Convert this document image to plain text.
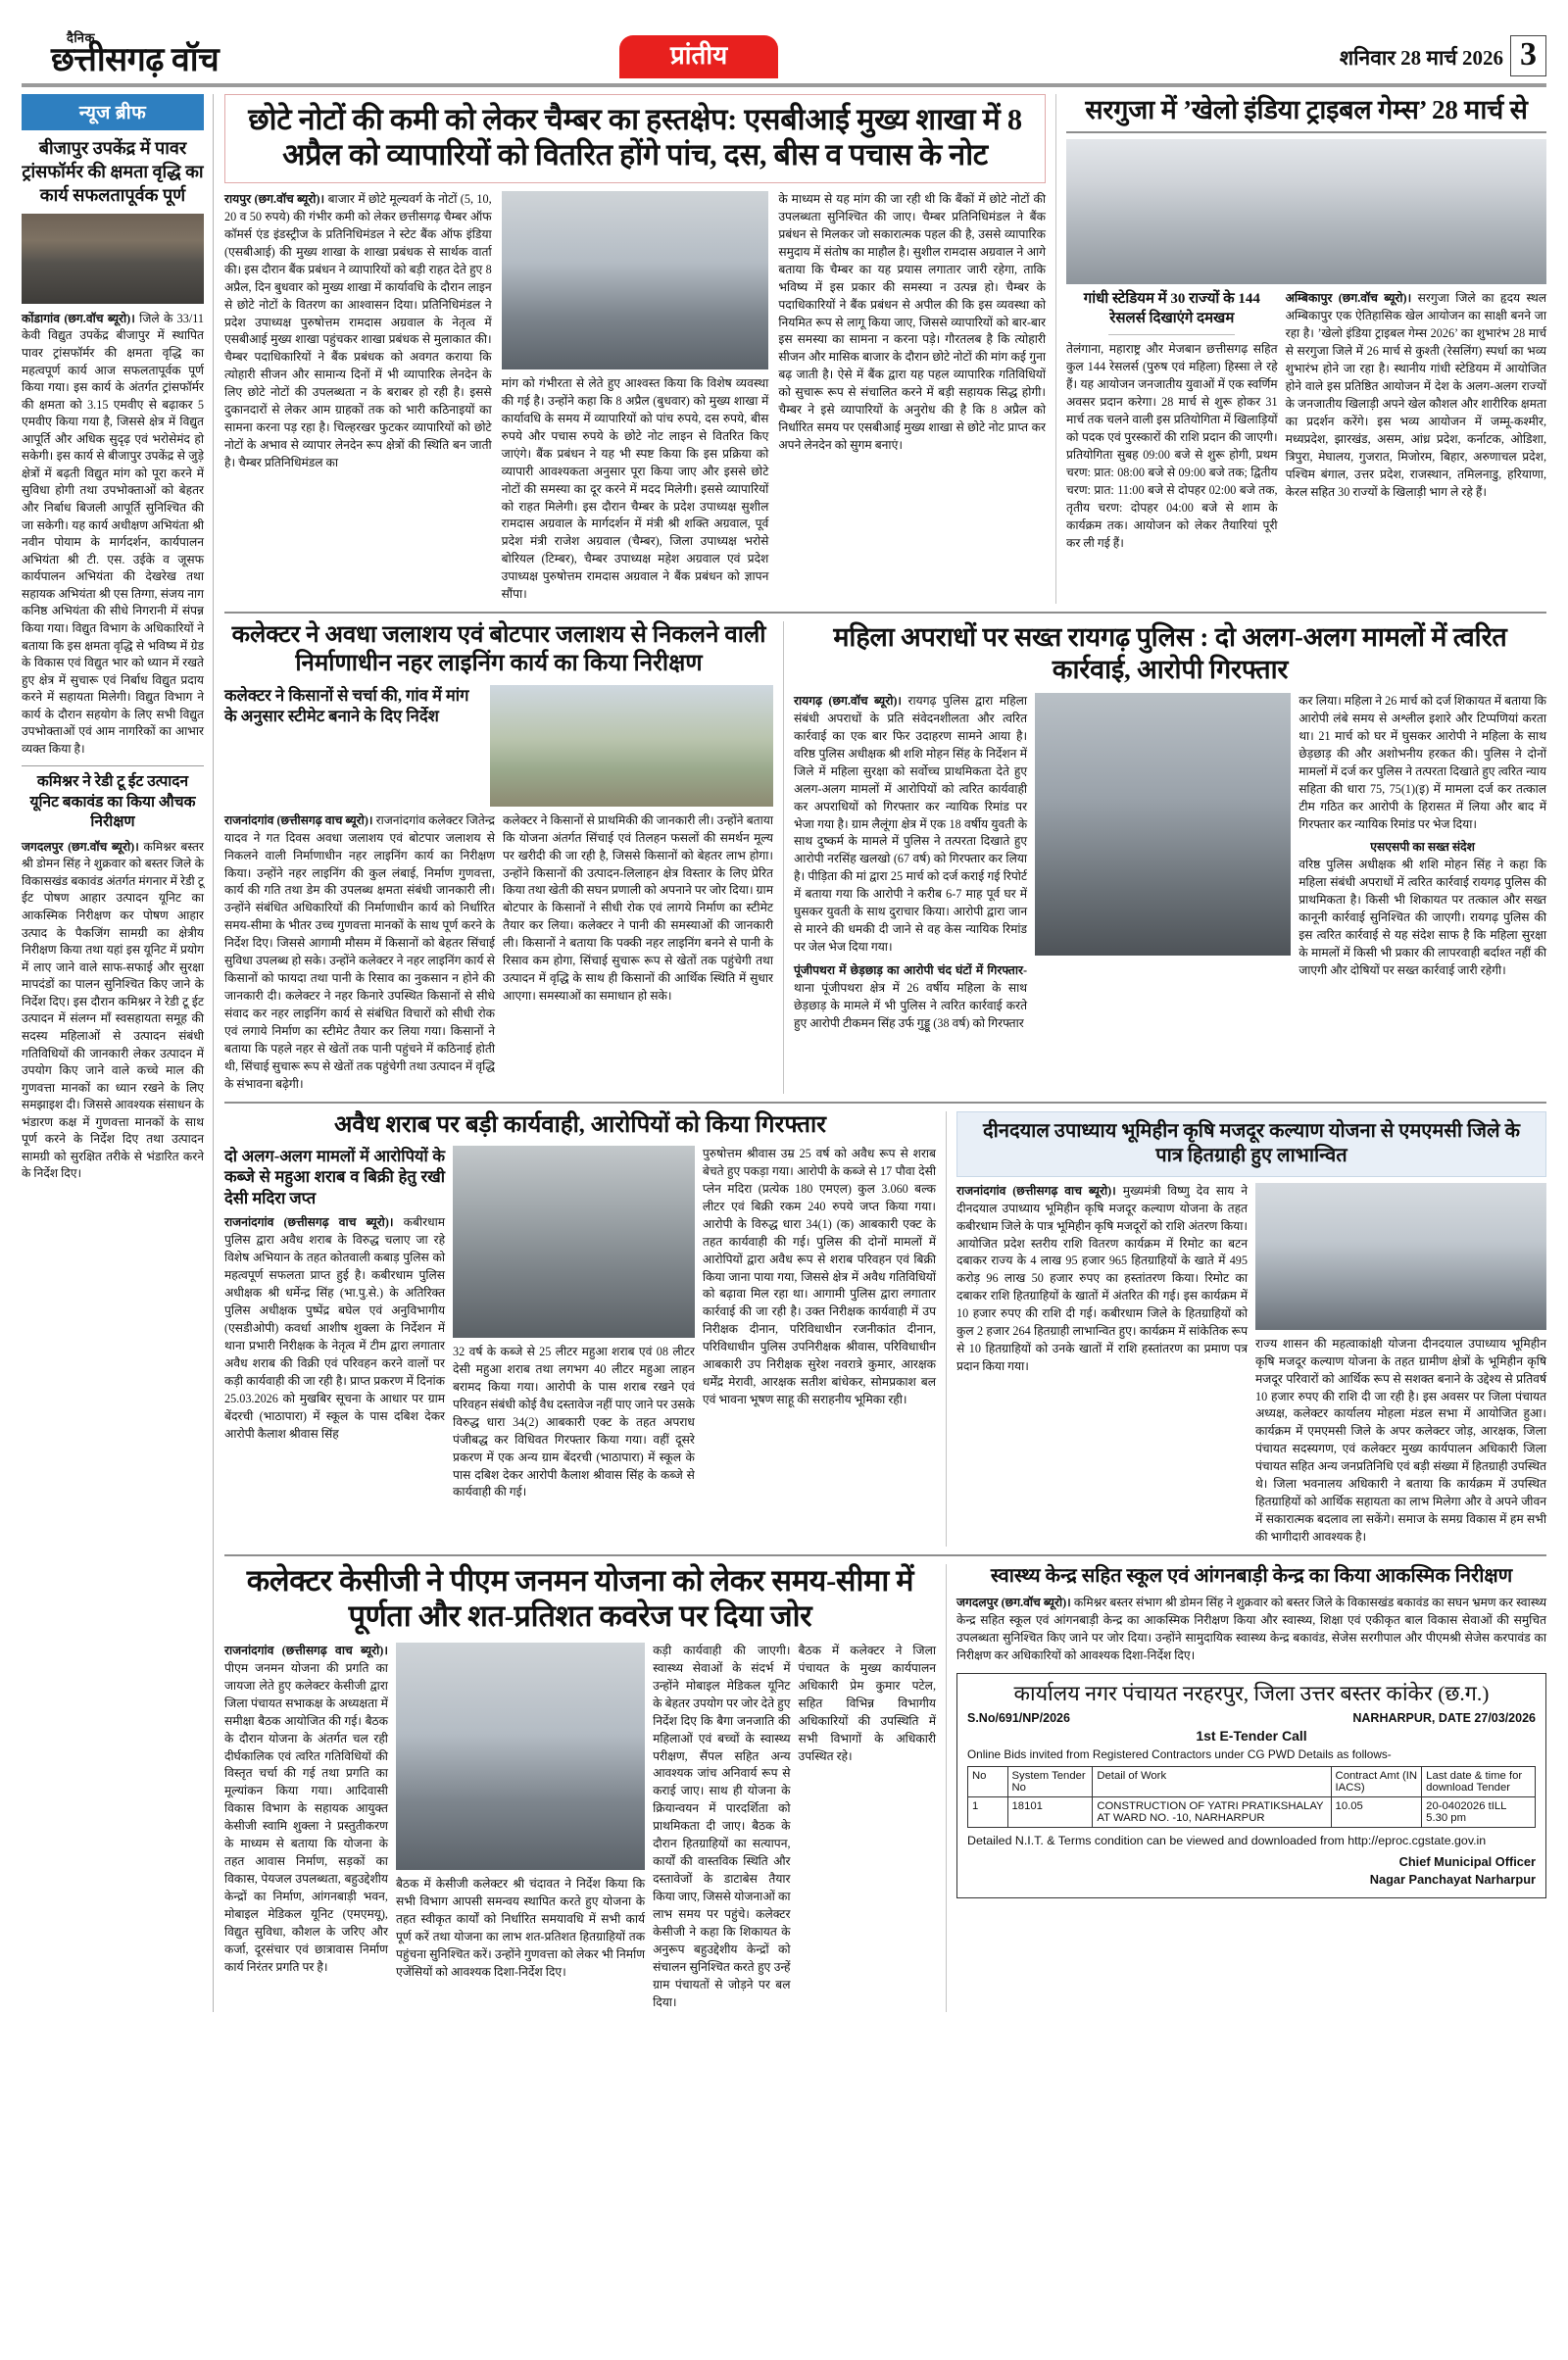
दैनिक
छत्तीसगढ़ वॉच	प्रांतीय	शनिवार 28 मार्च 2026 3
न्यूज ब्रीफ
बीजापुर उपकेंद्र में पावर ट्रांसफॉर्मर की क्षमता वृद्धि का कार्य सफलतापूर्वक पूर्ण
कोंडागांव (छग.वॉच ब्यूरो)। जिले के 33/11 केवी विद्युत उपकेंद्र बीजापुर में स्थापित पावर ट्रांसफॉर्मर की क्षमता वृद्धि का महत्वपूर्ण कार्य आज सफलतापूर्वक पूर्ण किया गया। इस कार्य के अंतर्गत ट्रांसफॉर्मर की क्षमता को 3.15 एमवीए से बढ़ाकर 5 एमवीए किया गया है, जिससे क्षेत्र में विद्युत आपूर्ति और अधिक सुदृढ़ एवं भरोसेमंद हो सकेगी। इस कार्य से बीजापुर उपकेंद्र से जुड़े क्षेत्रों में बढ़ती विद्युत मांग को पूरा करने में सुविधा होगी तथा उपभोक्ताओं को बेहतर और निर्बाध बिजली आपूर्ति सुनिश्चित की जा सकेगी। यह कार्य अधीक्षण अभियंता श्री नवीन पोयाम के मार्गदर्शन, कार्यपालन अभियंता श्री टी. एस. उईके व जूसफ कार्यपालन अभियंता की देखरेख तथा सहायक अभियंता श्री एस तिग्गा, संजय नाग कनिष्ठ अभियंता की सीधे निगरानी में संपन्न किया गया। विद्युत विभाग के अधिकारियों ने बताया कि इस क्षमता वृद्धि से भविष्य में ग्रेड के विकास एवं विद्युत भार को ध्यान में रखते हुए क्षेत्र में सुचारू एवं निर्बाध विद्युत प्रदाय करने में सहायता मिलेगी। विद्युत विभाग ने कार्य के दौरान सहयोग के लिए सभी विद्युत उपभोक्ताओं एवं आम नागरिकों का आभार व्यक्त किया है।
कमिश्नर ने रेडी टू ईट उत्पादन यूनिट बकावंड का किया औचक निरीक्षण
जगदलपुर (छग.वॉच ब्यूरो)। कमिश्नर बस्तर श्री डोमन सिंह ने शुक्रवार को बस्तर जिले के विकासखंड बकावंड अंतर्गत मंगनार में रेडी टू ईट पोषण आहार उत्पादन यूनिट का आकस्मिक निरीक्षण कर पोषण आहार उत्पाद के पैकजिंग सामग्री का क्षेत्रीय निरीक्षण किया तथा यहां इस यूनिट में प्रयोग में लाए जाने वाले साफ-सफाई और सुरक्षा मापदंडों का पालन सुनिश्चित किए जाने के निर्देश दिए। इस दौरान कमिश्नर ने रेडी टू ईट उत्पादन में संलग्न माँ स्वसहायता समूह की सदस्य महिलाओं से उत्पादन संबंधी गतिविधियों की जानकारी लेकर उत्पादन में उपयोग किए जाने वाले कच्चे माल की गुणवत्ता मानकों का ध्यान रखने के लिए समझाइश दी। जिससे आवश्यक संसाधन के भंडारण कक्ष में गुणवत्ता मानकों के साथ पूर्ण करने के निर्देश दिए तथा उत्पादन सामग्री को सुरक्षित तरीके से भंडारित करने के निर्देश दिए।
छोटे नोटों की कमी को लेकर चैम्बर का हस्तक्षेप: एसबीआई मुख्य शाखा में 8 अप्रैल को व्यापारियों को वितरित होंगे पांच, दस, बीस व पचास के नोट
रायपुर (छग.वॉच ब्यूरो)। बाजार में छोटे मूल्यवर्ग के नोटों (5, 10, 20 व 50 रुपये) की गंभीर कमी को लेकर छत्तीसगढ़ चैम्बर ऑफ कॉमर्स एंड इंडस्ट्रीज के प्रतिनिधिमंडल ने स्टेट बैंक ऑफ इंडिया (एसबीआई) की मुख्य शाखा के शाखा प्रबंधक से सार्थक वार्ता की। इस दौरान बैंक प्रबंधन ने व्यापारियों को बड़ी राहत देते हुए 8 अप्रैल, दिन बुधवार को मुख्य शाखा में कार्यावधि के दौरान लाइन से छोटे नोटों के वितरण का आश्वासन दिया। प्रतिनिधिमंडल ने प्रदेश उपाध्यक्ष पुरुषोत्तम रामदास अग्रवाल के नेतृत्व में एसबीआई मुख्य शाखा पहुंचकर शाखा प्रबंधक से मुलाकात की। चैम्बर पदाधिकारियों ने बैंक प्रबंधक को अवगत कराया कि त्योहारी सीजन और सामान्य दिनों में भी व्यापारिक लेनदेन के लिए छोटे नोटों की उपलब्धता न के बराबर हो रही है। इससे दुकानदारों से लेकर आम ग्राहकों तक को भारी कठिनाइयों का सामना करना पड़ रहा है। चिल्हरखर फुटकर व्यापारियों को छोटे नोटों के अभाव से व्यापार लेनदेन रूप क्षेत्रों की स्थिति बन जाती है। चैम्बर प्रतिनिधिमंडल का
मांग को गंभीरता से लेते हुए आश्वस्त किया कि विशेष व्यवस्था की गई है। उन्होंने कहा कि 8 अप्रैल (बुधवार) को मुख्य शाखा में कार्यावधि के समय में व्यापारियों को पांच रुपये, दस रुपये, बीस रुपये और पचास रुपये के छोटे नोट लाइन से वितरित किए जाएंगे। बैंक प्रबंधन ने यह भी स्पष्ट किया कि इस प्रक्रिया को व्यापारी आवश्यकता अनुसार पूरा किया जाए और इससे छोटे नोटों की समस्या का दूर करने में मदद मिलेगी। इससे व्यापारियों को राहत मिलेगी। इस दौरान चैम्बर के प्रदेश उपाध्यक्ष सुशील रामदास अग्रवाल के मार्गदर्शन में मंत्री श्री शक्ति अग्रवाल, पूर्व प्रदेश मंत्री राजेश अग्रवाल (चैम्बर), जिला उपाध्यक्ष भरोसे बोरियल (टिम्बर), चैम्बर उपाध्यक्ष महेश अग्रवाल एवं प्रदेश उपाध्यक्ष पुरुषोत्तम रामदास अग्रवाल ने बैंक प्रबंधन को ज्ञापन सौंपा।
के माध्यम से यह मांग की जा रही थी कि बैंकों में छोटे नोटों की उपलब्धता सुनिश्चित की जाए। चैम्बर प्रतिनिधिमंडल ने बैंक प्रबंधन से मिलकर जो सकारात्मक पहल की है, उससे व्यापारिक समुदाय में संतोष का माहौल है। सुशील रामदास अग्रवाल ने आगे बताया कि चैम्बर का यह प्रयास लगातार जारी रहेगा, ताकि भविष्य में इस प्रकार की समस्या न उत्पन्न हो। चैम्बर के पदाधिकारियों ने बैंक प्रबंधन से अपील की कि इस व्यवस्था को नियमित रूप से लागू किया जाए, जिससे व्यापारियों को बार-बार इस समस्या का सामना न करना पड़े। गौरतलब है कि त्योहारी सीजन और मासिक बाजार के दौरान छोटे नोटों की मांग कई गुना बढ़ जाती है। ऐसे में बैंक द्वारा यह पहल व्यापारिक गतिविधियों को सुचारू रूप से संचालित करने में बड़ी सहायक सिद्ध होगी। चैम्बर ने इसे व्यापारियों के अनुरोध की है कि 8 अप्रैल को निर्धारित समय पर एसबीआई मुख्य शाखा से छोटे नोट प्राप्त कर अपने लेनदेन को सुगम बनाएं।
सरगुजा में ’खेलो इंडिया ट्राइबल गेम्स’ 28 मार्च से
गांधी स्टेडियम में 30 राज्यों के 144 रेसलर्स दिखाएंगे दमखम
तेलंगाना, महाराष्ट्र और मेजबान छत्तीसगढ़ सहित कुल 144 रेसलर्स (पुरुष एवं महिला) हिस्सा ले रहे हैं। यह आयोजन जनजातीय युवाओं में एक स्वर्णिम अवसर प्रदान करेगा। 28 मार्च से शुरू होकर 31 मार्च तक चलने वाली इस प्रतियोगिता में खिलाड़ियों को पदक एवं पुरस्कारों की राशि प्रदान की जाएगी। प्रतियोगिता सुबह 09:00 बजे से शुरू होगी, प्रथम चरण: प्रात: 08:00 बजे से 09:00 बजे तक; द्वितीय चरण: प्रात: 11:00 बजे से दोपहर 02:00 बजे तक, तृतीय चरण: दोपहर 04:00 बजे से शाम के कार्यक्रम तक। आयोजन को लेकर तैयारियां पूरी कर ली गई हैं।
अम्बिकापुर (छग.वॉच ब्यूरो)। सरगुजा जिले का हृदय स्थल अम्बिकापुर एक ऐतिहासिक खेल आयोजन का साक्षी बनने जा रहा है। ’खेलो इंडिया ट्राइबल गेम्स 2026’ का शुभारंभ 28 मार्च से सरगुजा जिले में 26 मार्च से कुश्ती (रेसलिंग) स्पर्धा का भव्य शुभारंभ होने जा रहा है। स्थानीय गांधी स्टेडियम में आयोजित होने वाले इस प्रतिष्ठित आयोजन में देश के अलग-अलग राज्यों के जनजातीय खिलाड़ी अपने खेल कौशल और शारीरिक क्षमता का प्रदर्शन करेंगे। इस भव्य आयोजन में जम्मू-कश्मीर, मध्यप्रदेश, झारखंड, असम, आंध्र प्रदेश, कर्नाटक, ओडिशा, त्रिपुरा, मेघालय, गुजरात, मिजोरम, बिहार, अरुणाचल प्रदेश, पश्चिम बंगाल, उत्तर प्रदेश, राजस्थान, तमिलनाडु, हरियाणा, केरल सहित 30 राज्यों के खिलाड़ी भाग ले रहे हैं।
कलेक्टर ने अवधा जलाशय एवं बोटपार जलाशय से निकलने वाली निर्माणाधीन नहर लाइनिंग कार्य का किया निरीक्षण
कलेक्टर ने किसानों से चर्चा की, गांव में मांग के अनुसार स्टीमेट बनाने के दिए निर्देश
राजनांदगांव (छत्तीसगढ़ वाच ब्यूरो)। राजनांदगांव कलेक्टर जितेन्द्र यादव ने गत दिवस अवधा जलाशय एवं बोटपार जलाशय से निकलने वाली निर्माणाधीन नहर लाइनिंग कार्य का निरीक्षण किया। उन्होंने नहर लाइनिंग की कुल लंबाई, निर्माण गुणवत्ता, कार्य की गति तथा डेम की उपलब्ध क्षमता संबंधी जानकारी ली। उन्होंने संबंधित अधिकारियों की निर्माणाधीन कार्य को निर्धारित समय-सीमा के भीतर उच्च गुणवत्ता मानकों के साथ पूर्ण करने के निर्देश दिए। जिससे आगामी मौसम में किसानों को बेहतर सिंचाई सुविधा उपलब्ध हो सके। उन्होंने कलेक्टर ने नहर लाइनिंग कार्य से किसानों को फायदा तथा पानी के रिसाव का नुकसान न होने की जानकारी दी। कलेक्टर ने नहर किनारे उपस्थित किसानों से सीधे संवाद कर नहर लाइनिंग कार्य से संबंधित विचारों को सीधी रोक एवं लगाये निर्माण का स्टीमेट तैयार कर लिया गया। किसानों ने बताया कि पहले नहर से खेतों तक पानी पहुंचने में कठिनाई होती थी, सिंचाई सुचारू रूप से खेतों तक पहुंचेगी तथा उत्पादन में वृद्धि के संभावना बढ़ेगी।
कलेक्टर ने किसानों से प्राथमिकी की जानकारी ली। उन्होंने बताया कि योजना अंतर्गत सिंचाई एवं तिलहन फसलों की समर्थन मूल्य पर खरीदी की जा रही है, जिससे किसानों को बेहतर लाभ होगा। उन्होंने किसानों की उत्पादन-लिलाहन क्षेत्र विस्तार के लिए प्रेरित किया तथा खेती की सघन प्रणाली को अपनाने पर जोर दिया। ग्राम बोटपार के किसानों ने सीधी रोक एवं लागये निर्माण का स्टीमेट तैयार कर लिया। कलेक्टर ने पानी की समस्याओं की जानकारी ली। किसानों ने बताया कि पक्की नहर लाइनिंग बनने से पानी के रिसाव कम होगा, सिंचाई सुचारू रूप से खेतों तक पहुंचेगी तथा उत्पादन में वृद्धि के साथ ही किसानों की आर्थिक स्थिति में सुधार आएगा। समस्याओं का समाधान हो सके।
महिला अपराधों पर सख्त रायगढ़ पुलिस : दो अलग-अलग मामलों में त्वरित कार्रवाई, आरोपी गिरफ्तार
रायगढ़ (छग.वॉच ब्यूरो)। रायगढ़ पुलिस द्वारा महिला संबंधी अपराधों के प्रति संवेदनशीलता और त्वरित कार्रवाई का एक बार फिर उदाहरण सामने आया है। वरिष्ठ पुलिस अधीक्षक श्री शशि मोहन सिंह के निर्देशन में जिले में महिला सुरक्षा को सर्वोच्च प्राथमिकता देते हुए अलग-अलग मामलों में आरोपियों को त्वरित कार्यवाही कर अपराधियों को गिरफ्तार कर न्यायिक रिमांड पर भेजा गया है। ग्राम लैलूंगा क्षेत्र में एक 18 वर्षीय युवती के साथ दुष्कर्म के मामले में पुलिस ने तत्परता दिखाते हुए आरोपी नरसिंह खलखो (67 वर्ष) को गिरफ्तार कर लिया है। पीड़िता की मां द्वारा 25 मार्च को दर्ज कराई गई रिपोर्ट में बताया गया कि आरोपी ने करीब 6-7 माह पूर्व घर में घुसकर युवती के साथ दुराचार किया। आरोपी द्वारा जान से मारने की धमकी दी जाने से वह केस न्यायिक रिमांड पर जेल भेज दिया गया।
पूंजीपथरा में छेड़छाड़ का आरोपी चंद घंटों में गिरफ्तार- थाना पूंजीपथरा क्षेत्र में 26 वर्षीय महिला के साथ छेड़छाड़ के मामले में भी पुलिस ने त्वरित कार्रवाई करते हुए आरोपी टीकमन सिंह उर्फ गुड्डू (38 वर्ष) को गिरफ्तार
कर लिया। महिला ने 26 मार्च को दर्ज शिकायत में बताया कि आरोपी लंबे समय से अश्लील इशारे और टिप्पणियां करता था। 21 मार्च को घर में घुसकर आरोपी ने महिला के साथ छेड़छाड़ की और अशोभनीय हरकत की। पुलिस ने दोनों मामलों में दर्ज कर पुलिस ने तत्परता दिखाते हुए त्वरित न्याय सहिता की धारा 75, 75(1)(इ) में मामला दर्ज कर तत्काल टीम गठित कर आरोपी के हिरासत में लिया और बाद में गिरफ्तार कर न्यायिक रिमांड पर भेज दिया।
एसएसपी का सख्त संदेश
वरिष्ठ पुलिस अधीक्षक श्री शशि मोहन सिंह ने कहा कि महिला संबंधी अपराधों में त्वरित कार्रवाई रायगढ़ पुलिस की प्राथमिकता है। किसी भी शिकायत पर तत्काल और सख्त कानूनी कार्रवाई सुनिश्चित की जाएगी। रायगढ़ पुलिस की इस त्वरित कार्रवाई से यह संदेश साफ है कि महिला सुरक्षा के मामलों में किसी भी प्रकार की लापरवाही बर्दाश्त नहीं की जाएगी और दोषियों पर सख्त कार्रवाई जारी रहेगी।
अवैध शराब पर बड़ी कार्यवाही, आरोपियों को किया गिरफ्तार
दो अलग-अलग मामलों में आरोपियों के कब्जे से महुआ शराब व बिक्री हेतु रखी देसी मदिरा जप्त
राजनांदगांव (छत्तीसगढ़ वाच ब्यूरो)। कबीरधाम पुलिस द्वारा अवैध शराब के विरुद्ध चलाए जा रहे विशेष अभियान के तहत कोतवाली कबाड़ पुलिस को महत्वपूर्ण सफलता प्राप्त हुई है। कबीरधाम पुलिस अधीक्षक श्री धर्मेन्द्र सिंह (भा.पु.से.) के अतिरिक्त पुलिस अधीक्षक पुष्पेंद्र बघेल एवं अनुविभागीय (एसडीओपी) कवर्धा आशीष शुक्ला के निर्देशन में थाना प्रभारी निरीक्षक के नेतृत्व में टीम द्वारा लगातार अवैध शराब की विक्री एवं परिवहन करने वालों पर कड़ी कार्यवाही की जा रही है। प्राप्त प्रकरण में दिनांक 25.03.2026 को मुखबिर सूचना के आधार पर ग्राम बेंदरची (भाठापारा) में स्कूल के पास दबिश देकर आरोपी कैलाश श्रीवास सिंह
32 वर्ष के कब्जे से 25 लीटर महुआ शराब एवं 08 लीटर देसी महुआ शराब तथा लगभग 40 लीटर महुआ लाहन बरामद किया गया। आरोपी के पास शराब रखने एवं परिवहन संबंधी कोई वैध दस्तावेज नहीं पाए जाने पर उसके विरुद्ध धारा 34(2) आबकारी एक्ट के तहत अपराध पंजीबद्ध कर विधिवत गिरफ्तार किया गया। वहीं दूसरे प्रकरण में एक अन्य ग्राम बेंदरची (भाठापारा) में स्कूल के पास दबिश देकर आरोपी कैलाश श्रीवास सिंह के कब्जे से कार्यवाही की गई।
पुरुषोत्तम श्रीवास उम्र 25 वर्ष को अवैध रूप से शराब बेचते हुए पकड़ा गया। आरोपी के कब्जे से 17 पौवा देसी प्लेन मदिरा (प्रत्येक 180 एमएल) कुल 3.060 बल्क लीटर एवं बिक्री रकम 240 रुपये जप्त किया गया। आरोपी के विरुद्ध धारा 34(1) (क) आबकारी एक्ट के तहत कार्यवाही की गई। पुलिस की दोनों मामलों में आरोपियों द्वारा अवैध रूप से शराब परिवहन एवं बिक्री किया जाना पाया गया, जिससे क्षेत्र में अवैध गतिविधियों को बढ़ावा मिल रहा था। आगामी पुलिस द्वारा लगातार कार्रवाई की जा रही है। उक्त निरीक्षक कार्यवाही में उप निरीक्षक दीनान, परिविधाधीन रजनीकांत दीनान, परिविधाधीन पुलिस उपनिरीक्षक श्रीवास, परिविधाधीन आबकारी उप निरीक्षक सुरेश नवरात्रे कुमार, आरक्षक धर्मेंद्र मेरावी, आरक्षक सतीश बांधेकर, सोमप्रकाश बल एवं भावना भूषण साहू की सराहनीय भूमिका रही।
दीनदयाल उपाध्याय भूमिहीन कृषि मजदूर कल्याण योजना से एमएमसी जिले के पात्र हितग्राही हुए लाभान्वित
राजनांदगांव (छत्तीसगढ़ वाच ब्यूरो)। मुख्यमंत्री विष्णु देव साय ने दीनदयाल उपाध्याय भूमिहीन कृषि मजदूर कल्याण योजना के तहत कबीरधाम जिले के पात्र भूमिहीन कृषि मजदूरों को राशि अंतरण किया। आयोजित प्रदेश स्तरीय राशि वितरण कार्यक्रम में रिमोट का बटन दबाकर राज्य के 4 लाख 95 हजार 965 हितग्राहियों के खाते में 495 करोड़ 96 लाख 50 हजार रुपए का हस्तांतरण किया। रिमोट का दबाकर राशि हितग्राहियों के खातों में अंतरित की गई। इस कार्यक्रम में 10 हजार रुपए की राशि दी गई। कबीरधाम जिले के हितग्राहियों को कुल 2 हजार 264 हितग्राही लाभान्वित हुए। कार्यक्रम में सांकेतिक रूप से 10 हितग्राहियों को उनके खातों में राशि हस्तांतरण का प्रमाण पत्र प्रदान किया गया।
राज्य शासन की महत्वाकांक्षी योजना दीनदयाल उपाध्याय भूमिहीन कृषि मजदूर कल्याण योजना के तहत ग्रामीण क्षेत्रों के भूमिहीन कृषि मजदूर परिवारों को आर्थिक रूप से सशक्त बनाने के उद्देश्य से प्रतिवर्ष 10 हजार रुपए की राशि दी जा रही है। इस अवसर पर जिला पंचायत अध्यक्ष, कलेक्टर कार्यालय मोहला मंडल सभा में आयोजित हुआ। कार्यक्रम में एमएमसी जिले के अपर कलेक्टर जोड़, आरक्षक, जिला पंचायत सदस्यगण, एवं कलेक्टर मुख्य कार्यपालन अधिकारी जिला पंचायत सहित अन्य जनप्रतिनिधि एवं बड़ी संख्या में हितग्राही उपस्थित थे। जिला भवनालय अधिकारी ने बताया कि कार्यक्रम में उपस्थित हितग्राहियों को आर्थिक सहायता का लाभ मिलेगा और वे अपने जीवन में सकारात्मक बदलाव ला सकेंगे। समाज के समग्र विकास में हम सभी की भागीदारी आवश्यक है।
कलेक्टर केसीजी ने पीएम जनमन योजना को लेकर समय-सीमा में पूर्णता और शत-प्रतिशत कवरेज पर दिया जोर
राजनांदगांव (छत्तीसगढ़ वाच ब्यूरो)। पीएम जनमन योजना की प्रगति का जायजा लेते हुए कलेक्टर केसीजी द्वारा जिला पंचायत सभाकक्ष के अध्यक्षता में समीक्षा बैठक आयोजित की गई। बैठक के दौरान योजना के अंतर्गत चल रही दीर्घकालिक एवं त्वरित गतिविधियों की विस्तृत चर्चा की गई तथा प्रगति का मूल्यांकन किया गया। आदिवासी विकास विभाग के सहायक आयुक्त केसीजी स्वामि शुक्ला ने प्रस्तुतीकरण के माध्यम से बताया कि योजना के तहत आवास निर्माण, सड़कों का विकास, पेयजल उपलब्धता, बहुउद्देशीय केन्द्रों का निर्माण, आंगनबाड़ी भवन, मोबाइल मेडिकल यूनिट (एमएमयू), विद्युत सुविधा, कौशल के जरिए और कर्जा, दूरसंचार एवं छात्रावास निर्माण कार्य निरंतर प्रगति पर है।
बैठक में केसीजी कलेक्टर श्री चंदावत ने निर्देश किया कि सभी विभाग आपसी समन्वय स्थापित करते हुए योजना के तहत स्वीकृत कार्यों को निर्धारित समयावधि में सभी कार्य पूर्ण करें तथा योजना का लाभ शत-प्रतिशत हितग्राहियों तक पहुंचना सुनिश्चित करें। उन्होंने गुणवत्ता को लेकर भी निर्माण एजेंसियों को आवश्यक दिशा-निर्देश दिए।
कड़ी कार्यवाही की जाएगी। स्वास्थ्य सेवाओं के संदर्भ में उन्होंने मोबाइल मेडिकल यूनिट के बेहतर उपयोग पर जोर देते हुए निर्देश दिए कि बैगा जनजाति की महिलाओं एवं बच्चों के स्वास्थ्य परीक्षण, सैंपल सहित अन्य आवश्यक जांच अनिवार्य रूप से कराई जाए। साथ ही योजना के क्रियान्वयन में पारदर्शिता को प्राथमिकता दी जाए। बैठक के दौरान हितग्राहियों का सत्यापन, कार्यों की वास्तविक स्थिति और दस्तावेजों के डाटाबेस तैयार किया जाए, जिससे योजनाओं का लाभ समय पर पहुंचे। कलेक्टर केसीजी ने कहा कि शिकायत के अनुरूप बहुउद्देशीय केन्द्रों को संचालन सुनिश्चित करते हुए उन्हें ग्राम पंचायतों से जोड़ने पर बल दिया।
बैठक में कलेक्टर ने जिला पंचायत के मुख्य कार्यपालन अधिकारी प्रेम कुमार पटेल, सहित विभिन्न विभागीय अधिकारियों की उपस्थिति में सभी विभागों के अधिकारी उपस्थित रहे।
स्वास्थ्य केन्द्र सहित स्कूल एवं आंगनबाड़ी केन्द्र का किया आकस्मिक निरीक्षण
जगदलपुर (छग.वॉच ब्यूरो)। कमिश्नर बस्तर संभाग श्री डोमन सिंह ने शुक्रवार को बस्तर जिले के विकासखंड बकावंड का सघन भ्रमण कर स्वास्थ्य केन्द्र सहित स्कूल एवं आंगनबाड़ी केन्द्र का आकस्मिक निरीक्षण किया और स्वास्थ्य, शिक्षा एवं एकीकृत बाल विकास सेवाओं की समुचित उपलब्धता सुनिश्चित किए जाने पर जोर दिया। उन्होंने सामुदायिक स्वास्थ्य केन्द्र बकावंड, सेजेस सरगीपाल और पीएमश्री सेजेस करपावंड का निरीक्षण कर अधिकारियों को आवश्यक दिशा-निर्देश दिए।
कार्यालय नगर पंचायत नरहरपुर, जिला उत्तर बस्तर कांकेर (छ.ग.)
S.No/691/NP/2026	NARHARPUR, DATE 27/03/2026
1st E-Tender Call
Online Bids invited from Registered Contractors under CG PWD Details as follows-
No	System Tender No	Detail of Work	Contract Amt (IN IACS)	Last date & time for download Tender
1	18101	CONSTRUCTION OF YATRI PRATIKSHALAY AT WARD NO. -10, NARHARPUR	10.05	20-0402026 tILL 5.30 pm
Detailed N.I.T. & Terms condition can be viewed and downloaded from http://eproc.cgstate.gov.in
Chief Municipal Officer
Nagar Panchayat Narharpur
